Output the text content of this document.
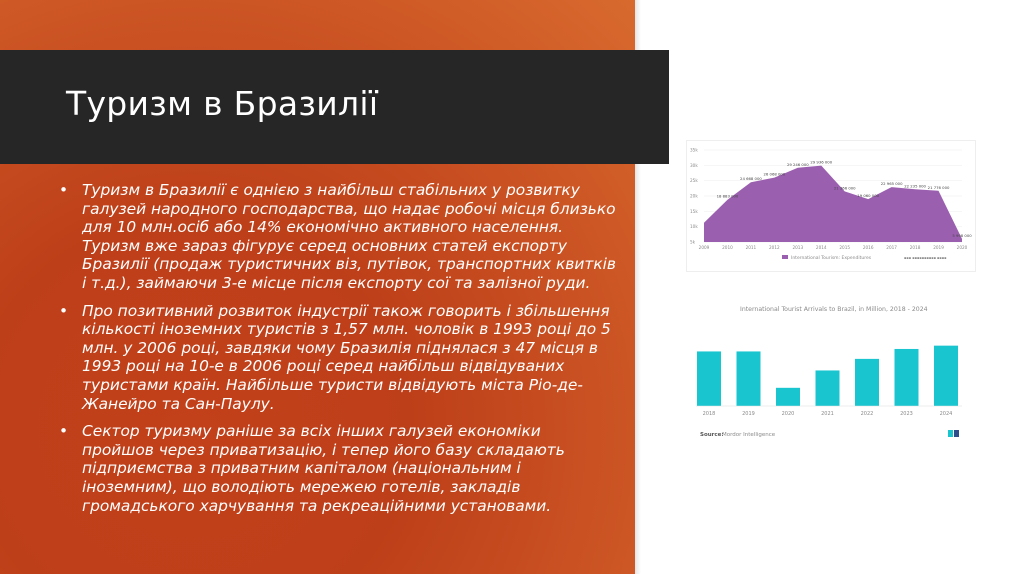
Туризм в Бразилії
• Туризм в Бразилії є однією з найбільш стабільних у розвитку галузей народного господарства, що надає робочі місця близько для 10 млн.осіб або 14% економічно активного населення. Туризм вже зараз фігурує серед основних статей експорту Бразилії (продаж туристичних віз, путівок, транспортних квитків і т.д.), займаючи 3-е місце після експорту сої та залізної руди.
• Про позитивний розвиток індустрії також говорить і збільшення кількості іноземних туристів з 1,57 млн. чоловік в 1993 році до 5 млн. у 2006 році, завдяки чому Бразилія піднялася з 47 місця в 1993 році на 10-е в 2006 році серед найбільш відвідуваних туристами країн. Найбільше туристи відвідують міста Ріо-де-Жанейро та Сан-Паулу.
• Сектор туризму раніше за всіх інших галузей економіки пройшов через приватизацію, і тепер його базу складають підприємства з приватним капіталом (національним і іноземним), що володіють мережею готелів, закладів громадського харчування та рекреаційними установами.
5k
10k
15k
20k
25k
30k
35k
18 883 000
24 668 000
26 068 000
29 246 000 29 936 000
21 366 000
19 060 000
22 965 000 22 235 000 21 776 000
5 998 000
2009	2010	2011	2012	2013	2014	2015	2016	2017	2018	2019	2020
International Tourism: Expenditures	▪▪▪ ▪▪▪▪▪▪▪▪▪▪ ▪▪▪▪
International Tourist Arrivals to Brazil, in Million, 2018 - 2024
2018	2019	2020	2021	2022	2023	2024
Source:
Mordor Intelligence
